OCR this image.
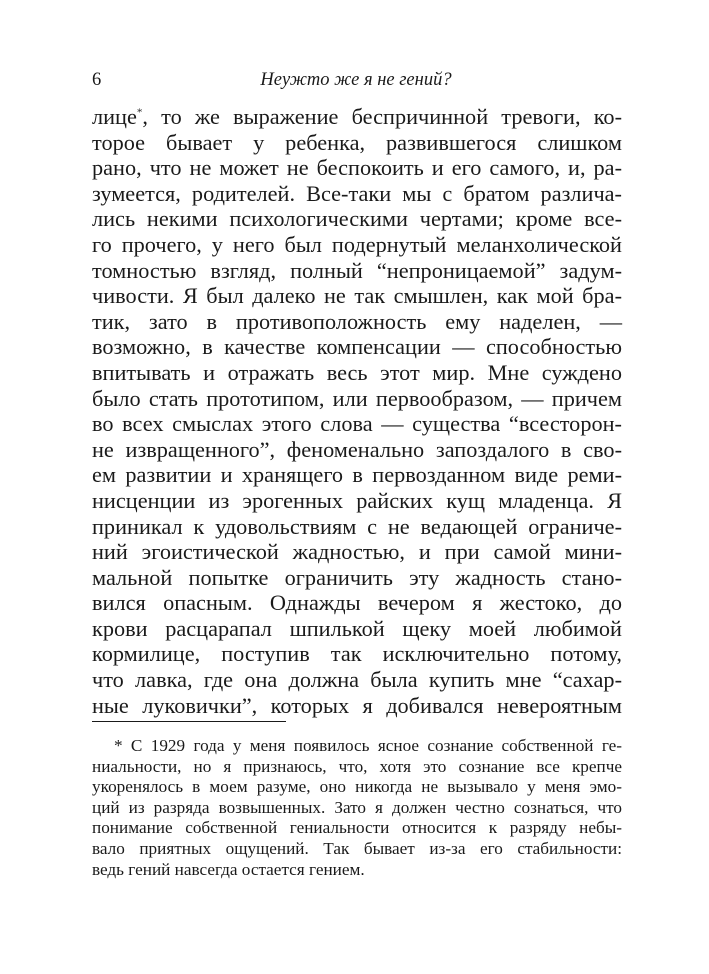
6	Неужто же я не гений?
лице*, то же выражение беспричинной тревоги, ко-
торое бывает у ребенка, развившегося слишком
рано, что не может не беспокоить и его самого, и, ра-
зумеется, родителей. Все-таки мы с братом различа-
лись некими психологическими чертами; кроме все-
го прочего, у него был подернутый меланхолической
томностью взгляд, полный “непроницаемой” задум-
чивости. Я был далеко не так смышлен, как мой бра-
тик, зато в противоположность ему наделен, —
возможно, в качестве компенсации — способностью
впитывать и отражать весь этот мир. Мне суждено
было стать прототипом, или первообразом, — причем
во всех смыслах этого слова — существа “всесторон-
не извращенного”, феноменально запоздалого в сво-
ем развитии и хранящего в первозданном виде реми-
нисценции из эрогенных райских кущ младенца. Я
приникал к удовольствиям с не ведающей ограниче-
ний эгоистической жадностью, и при самой мини-
мальной попытке ограничить эту жадность стано-
вился опасным. Однажды вечером я жестоко, до
крови расцарапал шпилькой щеку моей любимой
кормилице, поступив так исключительно потому,
что лавка, где она должна была купить мне “сахар-
ные луковички”, которых я добивался невероятным
* С 1929 года у меня появилось ясное сознание собственной ге-
ниальности, но я признаюсь, что, хотя это сознание все крепче
укоренялось в моем разуме, оно никогда не вызывало у меня эмо-
ций из разряда возвышенных. Зато я должен честно сознаться, что
понимание собственной гениальности относится к разряду небы-
вало приятных ощущений. Так бывает из-за его стабильности:
ведь гений навсегда остается гением.
